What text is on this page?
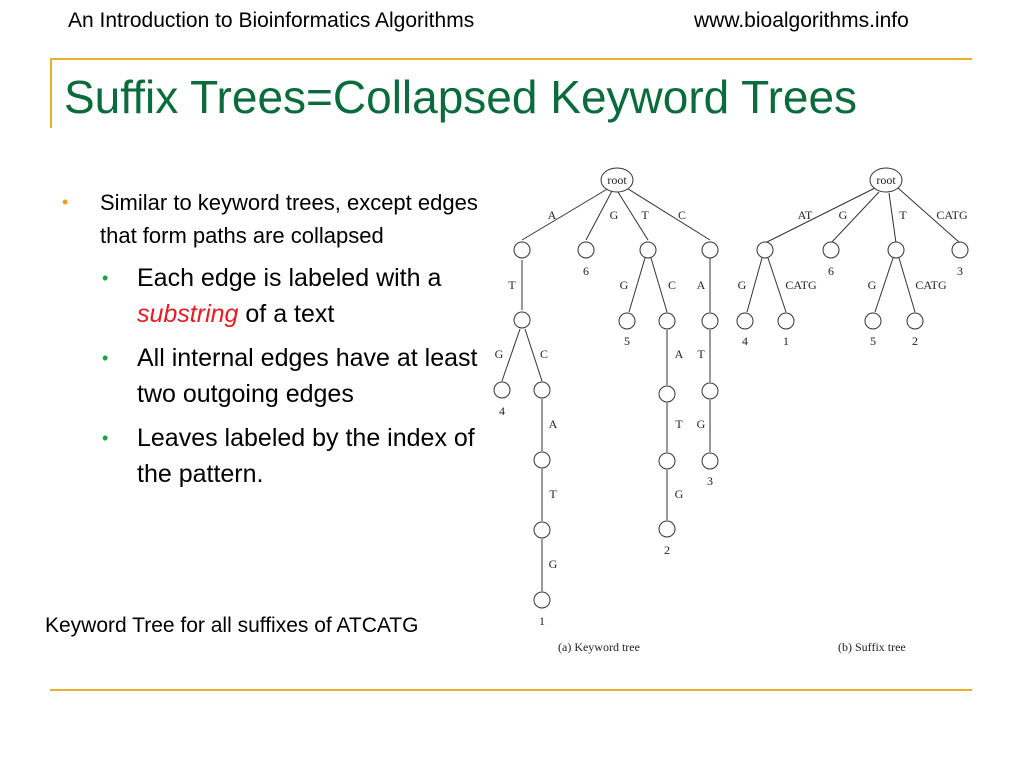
An Introduction to Bioinformatics Algorithms	www.bioalgorithms.info
Suffix Trees=Collapsed Keyword Trees
• Similar to keyword trees, except edges that form paths are collapsed
• Each edge is labeled with a substring of a text
• All internal edges have at least two outgoing edges
• Leaves labeled by the index of the pattern.
Keyword Tree for all suffixes of ATCATG
root
A	G T C
T	G	C A
G	C	A T
A	T
T
G
G
G
6
5
4
3
2
1
(a) Keyword tree
root
AT G	T CATG
G	CATG	G	CATG
6	3
4	1	5	2
(b) Suffix tree
